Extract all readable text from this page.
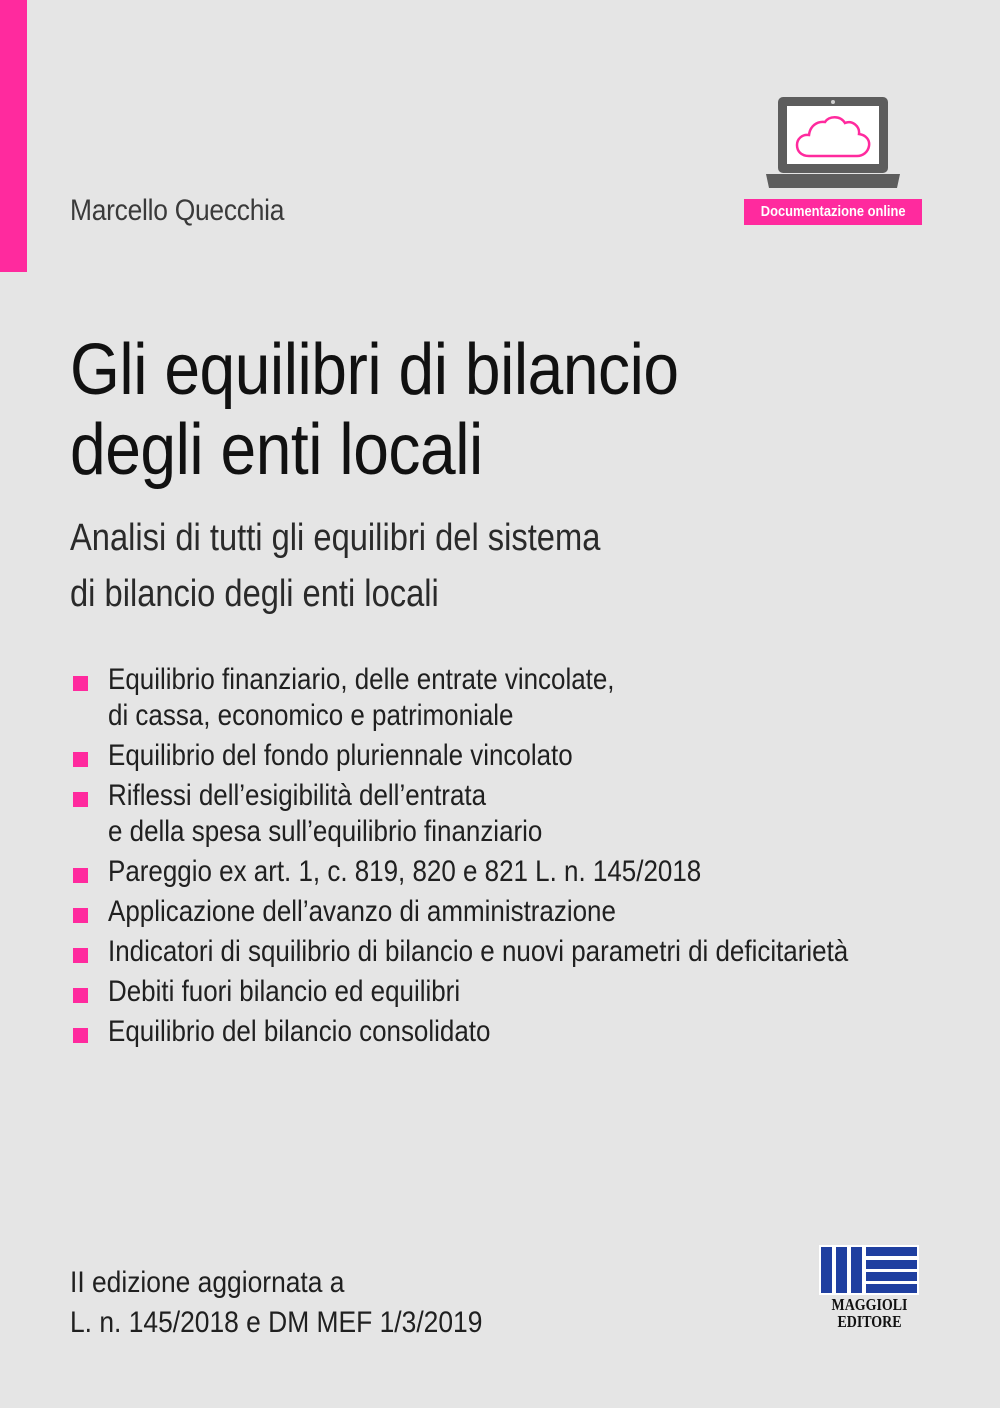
Marcello Quecchia	Documentazione online
Gli equilibri di bilancio
degli enti locali
Analisi di tutti gli equilibri del sistema
di bilancio degli enti locali
Equilibrio finanziario, delle entrate vincolate,
di cassa, economico e patrimoniale
Equilibrio del fondo pluriennale vincolato
Riflessi dell’esigibilità dell’entrata
e della spesa sull’equilibrio finanziario
Pareggio ex art. 1, c. 819, 820 e 821 L. n. 145/2018
Applicazione dell’avanzo di amministrazione
Indicatori di squilibrio di bilancio e nuovi parametri di deficitarietà
Debiti fuori bilancio ed equilibri
Equilibrio del bilancio consolidato
II edizione aggiornata a
L. n. 145/2018 e DM MEF 1/3/2019
MAGGIOLI
EDITORE
